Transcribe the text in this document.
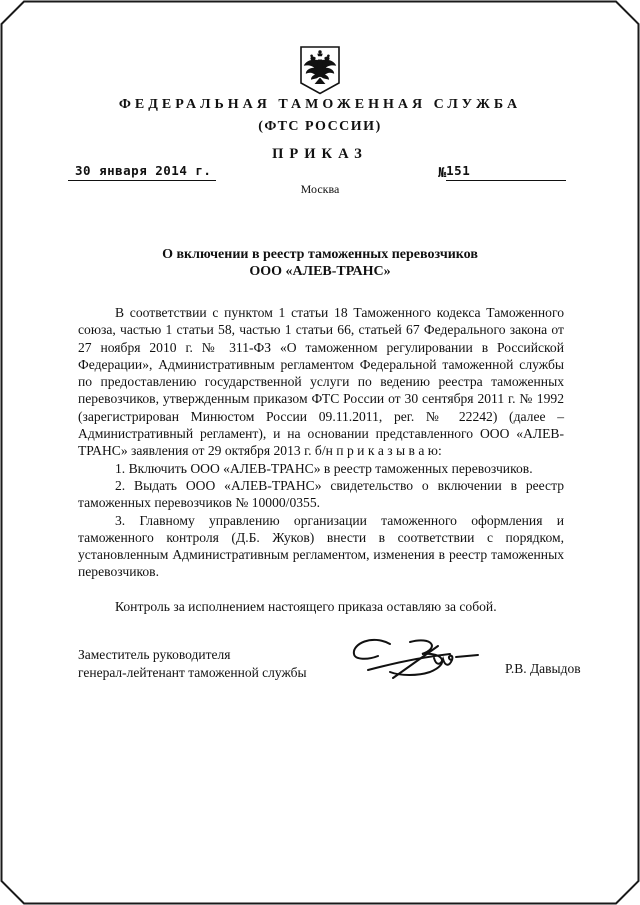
ФЕДЕРАЛЬНАЯ ТАМОЖЕННАЯ СЛУЖБА
(ФТС РОССИИ)
ПРИКАЗ
30 января 2014 г.	№ 151
Москва
О включении в реестр таможенных перевозчиков
ООО «АЛЕВ-ТРАНС»

В соответствии с пунктом 1 статьи 18 Таможенного кодекса Таможенного союза, частью 1 статьи 58, частью 1 статьи 66, статьей 67 Федерального закона от 27 ноября 2010 г. № 311-ФЗ «О таможенном регулировании в Российской Федерации», Административным регламентом Федеральной таможенной службы по предоставлению государственной услуги по ведению реестра таможенных перевозчиков, утвержденным приказом ФТС России от 30 сентября 2011 г. № 1992 (зарегистрирован Минюстом России 09.11.2011, рег. № 22242) (далее – Административный регламент), и на основании представленного ООО «АЛЕВ-ТРАНС» заявления от 29 октября 2013 г. б/н п р и к а з ы в а ю:

1. Включить ООО «АЛЕВ-ТРАНС» в реестр таможенных перевозчиков.

2. Выдать ООО «АЛЕВ-ТРАНС» свидетельство о включении в реестр таможенных перевозчиков № 10000/0355.

3. Главному управлению организации таможенного оформления и таможенного контроля (Д.Б. Жуков) внести в соответствии с порядком, установленным Административным регламентом, изменения в реестр таможенных перевозчиков.

Контроль за исполнением настоящего приказа оставляю за собой.

Заместитель руководителя
генерал-лейтенант таможенной службы	Р.В. Давыдов
